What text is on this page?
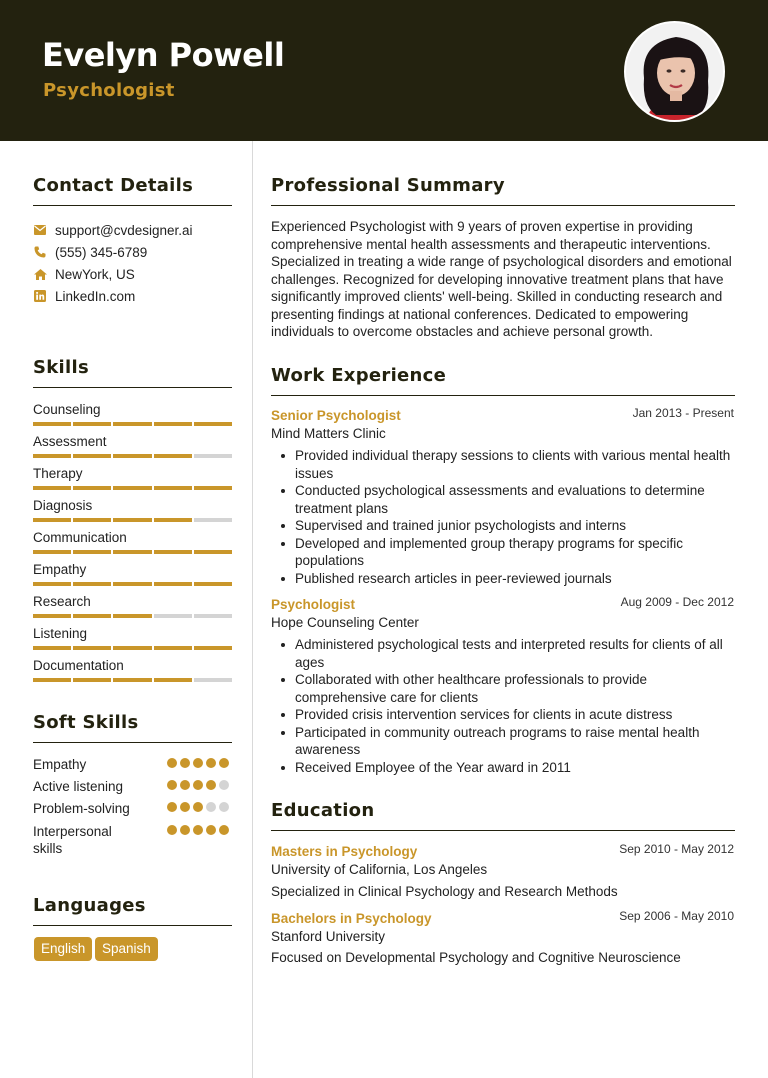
Evelyn Powell
Psychologist
Contact Details
support@cvdesigner.ai
(555) 345-6789
NewYork, US
LinkedIn.com
Skills
Counseling
Assessment
Therapy
Diagnosis
Communication
Empathy
Research
Listening
Documentation
Soft Skills
Empathy
Active listening
Problem-solving
Interpersonal skills
Languages
English	Spanish
Professional Summary
Experienced Psychologist with 9 years of proven expertise in providing comprehensive mental health assessments and therapeutic interventions. Specialized in treating a wide range of psychological disorders and emotional challenges. Recognized for developing innovative treatment plans that have significantly improved clients' well-being. Skilled in conducting research and presenting findings at national conferences. Dedicated to empowering individuals to overcome obstacles and achieve personal growth.
Work Experience
Senior Psychologist	Jan 2013 - Present
Mind Matters Clinic
Provided individual therapy sessions to clients with various mental health issues
Conducted psychological assessments and evaluations to determine treatment plans
Supervised and trained junior psychologists and interns
Developed and implemented group therapy programs for specific populations
Published research articles in peer-reviewed journals
Psychologist	Aug 2009 - Dec 2012
Hope Counseling Center
Administered psychological tests and interpreted results for clients of all ages
Collaborated with other healthcare professionals to provide comprehensive care for clients
Provided crisis intervention services for clients in acute distress
Participated in community outreach programs to raise mental health awareness
Received Employee of the Year award in 2011
Education
Masters in Psychology	Sep 2010 - May 2012
University of California, Los Angeles
Specialized in Clinical Psychology and Research Methods
Bachelors in Psychology	Sep 2006 - May 2010
Stanford University
Focused on Developmental Psychology and Cognitive Neuroscience
